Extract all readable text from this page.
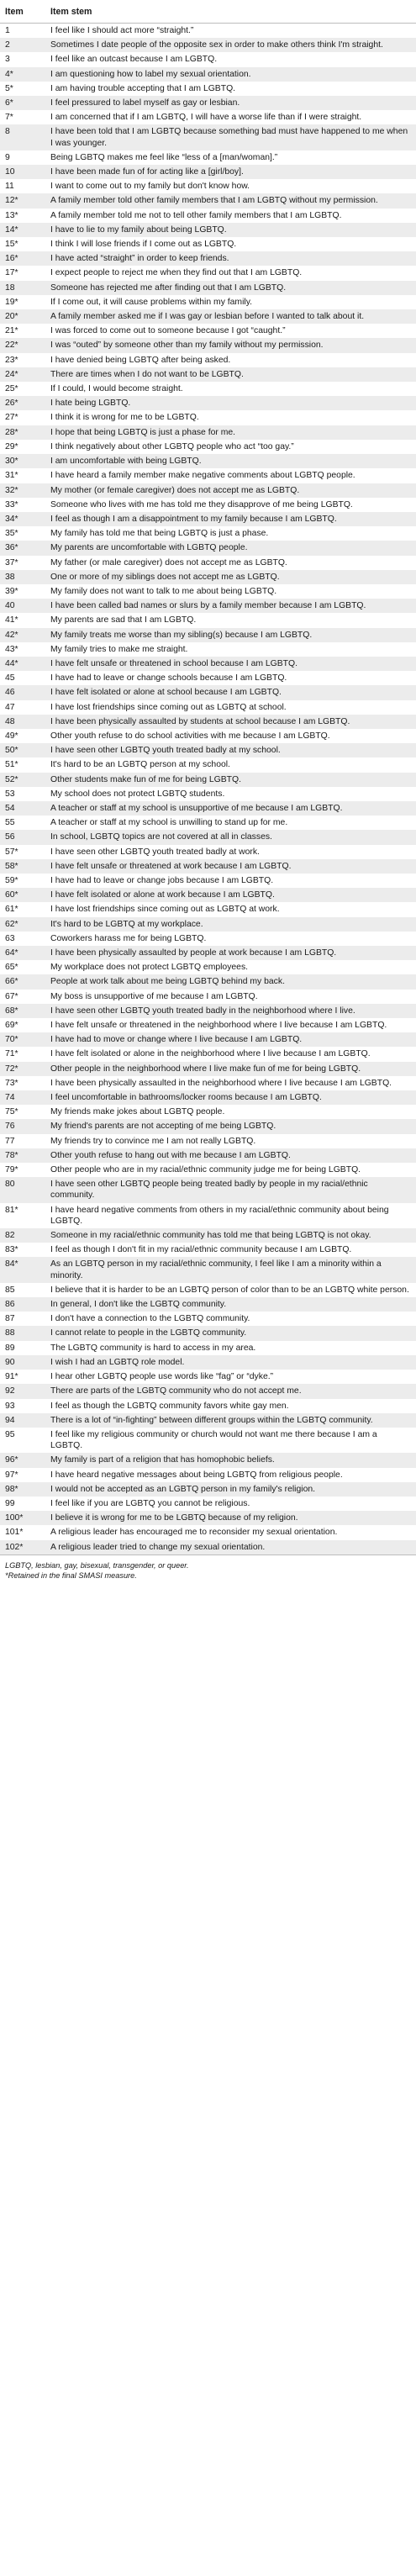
Item	Item stem
1	I feel like I should act more “straight.”
2	Sometimes I date people of the opposite sex in order to make others think I'm straight.
3	I feel like an outcast because I am LGBTQ.
4*	I am questioning how to label my sexual orientation.
5*	I am having trouble accepting that I am LGBTQ.
6*	I feel pressured to label myself as gay or lesbian.
7*	I am concerned that if I am LGBTQ, I will have a worse life than if I were straight.
8	I have been told that I am LGBTQ because something bad must have happened to me when I was younger.
9	Being LGBTQ makes me feel like “less of a [man/woman].”
10	I have been made fun of for acting like a [girl/boy].
11	I want to come out to my family but don't know how.
12*	A family member told other family members that I am LGBTQ without my permission.
13*	A family member told me not to tell other family members that I am LGBTQ.
14*	I have to lie to my family about being LGBTQ.
15*	I think I will lose friends if I come out as LGBTQ.
16*	I have acted “straight” in order to keep friends.
17*	I expect people to reject me when they find out that I am LGBTQ.
18	Someone has rejected me after finding out that I am LGBTQ.
19*	If I come out, it will cause problems within my family.
20*	A family member asked me if I was gay or lesbian before I wanted to talk about it.
21*	I was forced to come out to someone because I got “caught.”
22*	I was “outed” by someone other than my family without my permission.
23*	I have denied being LGBTQ after being asked.
24*	There are times when I do not want to be LGBTQ.
25*	If I could, I would become straight.
26*	I hate being LGBTQ.
27*	I think it is wrong for me to be LGBTQ.
28*	I hope that being LGBTQ is just a phase for me.
29*	I think negatively about other LGBTQ people who act “too gay.”
30*	I am uncomfortable with being LGBTQ.
31*	I have heard a family member make negative comments about LGBTQ people.
32*	My mother (or female caregiver) does not accept me as LGBTQ.
33*	Someone who lives with me has told me they disapprove of me being LGBTQ.
34*	I feel as though I am a disappointment to my family because I am LGBTQ.
35*	My family has told me that being LGBTQ is just a phase.
36*	My parents are uncomfortable with LGBTQ people.
37*	My father (or male caregiver) does not accept me as LGBTQ.
38	One or more of my siblings does not accept me as LGBTQ.
39*	My family does not want to talk to me about being LGBTQ.
40	I have been called bad names or slurs by a family member because I am LGBTQ.
41*	My parents are sad that I am LGBTQ.
42*	My family treats me worse than my sibling(s) because I am LGBTQ.
43*	My family tries to make me straight.
44*	I have felt unsafe or threatened in school because I am LGBTQ.
45	I have had to leave or change schools because I am LGBTQ.
46	I have felt isolated or alone at school because I am LGBTQ.
47	I have lost friendships since coming out as LGBTQ at school.
48	I have been physically assaulted by students at school because I am LGBTQ.
49*	Other youth refuse to do school activities with me because I am LGBTQ.
50*	I have seen other LGBTQ youth treated badly at my school.
51*	It's hard to be an LGBTQ person at my school.
52*	Other students make fun of me for being LGBTQ.
53	My school does not protect LGBTQ students.
54	A teacher or staff at my school is unsupportive of me because I am LGBTQ.
55	A teacher or staff at my school is unwilling to stand up for me.
56	In school, LGBTQ topics are not covered at all in classes.
57*	I have seen other LGBTQ youth treated badly at work.
58*	I have felt unsafe or threatened at work because I am LGBTQ.
59*	I have had to leave or change jobs because I am LGBTQ.
60*	I have felt isolated or alone at work because I am LGBTQ.
61*	I have lost friendships since coming out as LGBTQ at work.
62*	It's hard to be LGBTQ at my workplace.
63	Coworkers harass me for being LGBTQ.
64*	I have been physically assaulted by people at work because I am LGBTQ.
65*	My workplace does not protect LGBTQ employees.
66*	People at work talk about me being LGBTQ behind my back.
67*	My boss is unsupportive of me because I am LGBTQ.
68*	I have seen other LGBTQ youth treated badly in the neighborhood where I live.
69*	I have felt unsafe or threatened in the neighborhood where I live because I am LGBTQ.
70*	I have had to move or change where I live because I am LGBTQ.
71*	I have felt isolated or alone in the neighborhood where I live because I am LGBTQ.
72*	Other people in the neighborhood where I live make fun of me for being LGBTQ.
73*	I have been physically assaulted in the neighborhood where I live because I am LGBTQ.
74	I feel uncomfortable in bathrooms/locker rooms because I am LGBTQ.
75*	My friends make jokes about LGBTQ people.
76	My friend's parents are not accepting of me being LGBTQ.
77	My friends try to convince me I am not really LGBTQ.
78*	Other youth refuse to hang out with me because I am LGBTQ.
79*	Other people who are in my racial/ethnic community judge me for being LGBTQ.
80	I have seen other LGBTQ people being treated badly by people in my racial/ethnic community.
81*	I have heard negative comments from others in my racial/ethnic community about being LGBTQ.
82	Someone in my racial/ethnic community has told me that being LGBTQ is not okay.
83*	I feel as though I don't fit in my racial/ethnic community because I am LGBTQ.
84*	As an LGBTQ person in my racial/ethnic community, I feel like I am a minority within a minority.
85	I believe that it is harder to be an LGBTQ person of color than to be an LGBTQ white person.
86	In general, I don't like the LGBTQ community.
87	I don't have a connection to the LGBTQ community.
88	I cannot relate to people in the LGBTQ community.
89	The LGBTQ community is hard to access in my area.
90	I wish I had an LGBTQ role model.
91*	I hear other LGBTQ people use words like “fag” or “dyke.”
92	There are parts of the LGBTQ community who do not accept me.
93	I feel as though the LGBTQ community favors white gay men.
94	There is a lot of “in-fighting” between different groups within the LGBTQ community.
95	I feel like my religious community or church would not want me there because I am a LGBTQ.
96*	My family is part of a religion that has homophobic beliefs.
97*	I have heard negative messages about being LGBTQ from religious people.
98*	I would not be accepted as an LGBTQ person in my family's religion.
99	I feel like if you are LGBTQ you cannot be religious.
100*	I believe it is wrong for me to be LGBTQ because of my religion.
101*	A religious leader has encouraged me to reconsider my sexual orientation.
102*	A religious leader tried to change my sexual orientation.
LGBTQ, lesbian, gay, bisexual, transgender, or queer.
*Retained in the final SMASI measure.
